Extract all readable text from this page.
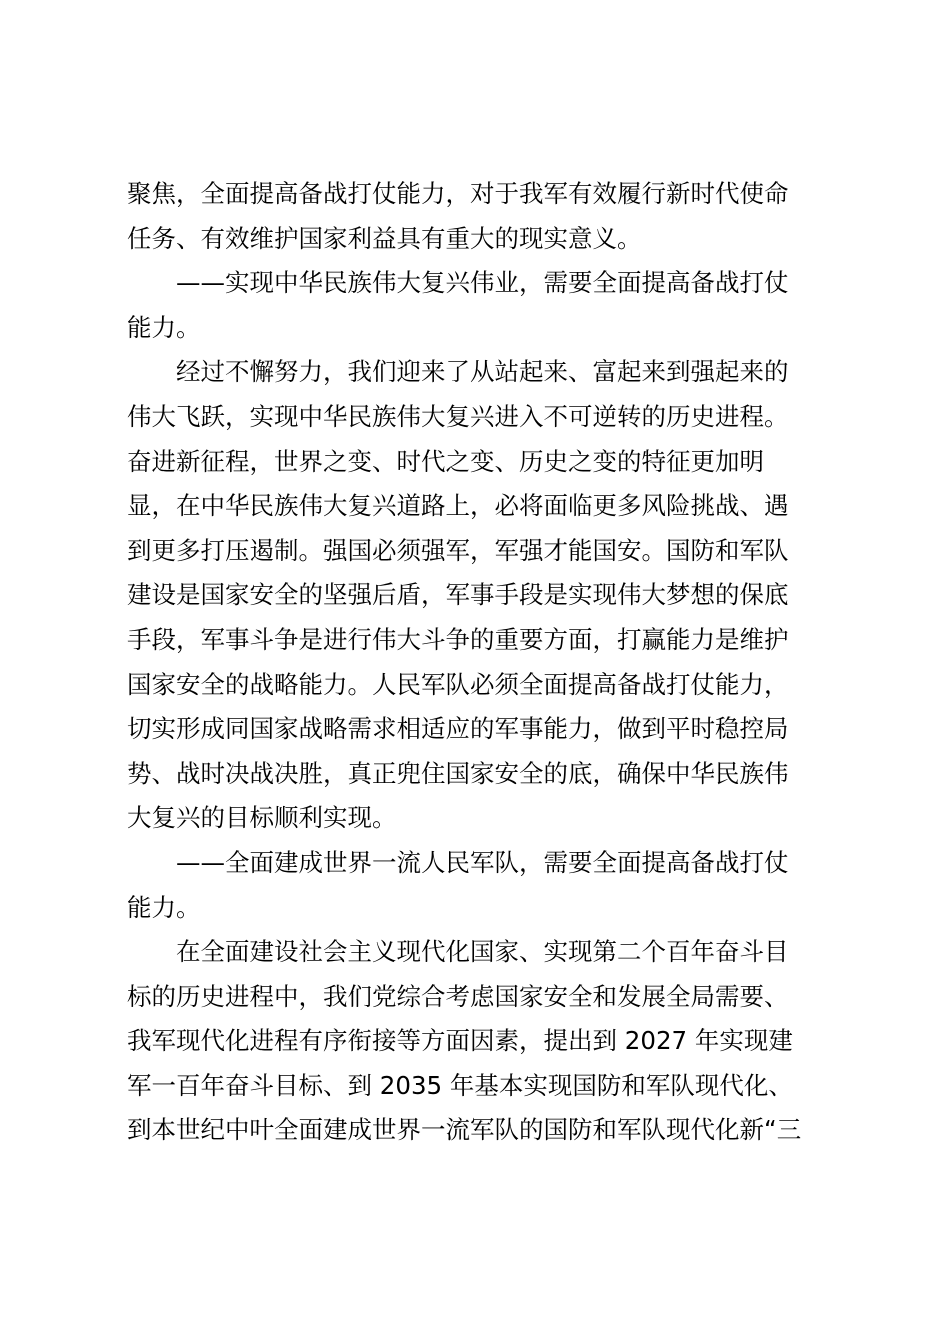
聚焦，全面提高备战打仗能力，对于我军有效履行新时代使命
任务、有效维护国家利益具有重大的现实意义。
——实现中华民族伟大复兴伟业，需要全面提高备战打仗
能力。
经过不懈努力，我们迎来了从站起来、富起来到强起来的
伟大飞跃，实现中华民族伟大复兴进入不可逆转的历史进程。
奋进新征程，世界之变、时代之变、历史之变的特征更加明
显，在中华民族伟大复兴道路上，必将面临更多风险挑战、遇
到更多打压遏制。强国必须强军，军强才能国安。国防和军队
建设是国家安全的坚强后盾，军事手段是实现伟大梦想的保底
手段，军事斗争是进行伟大斗争的重要方面，打赢能力是维护
国家安全的战略能力。人民军队必须全面提高备战打仗能力，
切实形成同国家战略需求相适应的军事能力，做到平时稳控局
势、战时决战决胜，真正兜住国家安全的底，确保中华民族伟
大复兴的目标顺利实现。
——全面建成世界一流人民军队，需要全面提高备战打仗
能力。
在全面建设社会主义现代化国家、实现第二个百年奋斗目
标的历史进程中，我们党综合考虑国家安全和发展全局需要、
我军现代化进程有序衔接等方面因素，提出到 2027 年实现建
军一百年奋斗目标、到 2035 年基本实现国防和军队现代化、
到本世纪中叶全面建成世界一流军队的国防和军队现代化新“三
